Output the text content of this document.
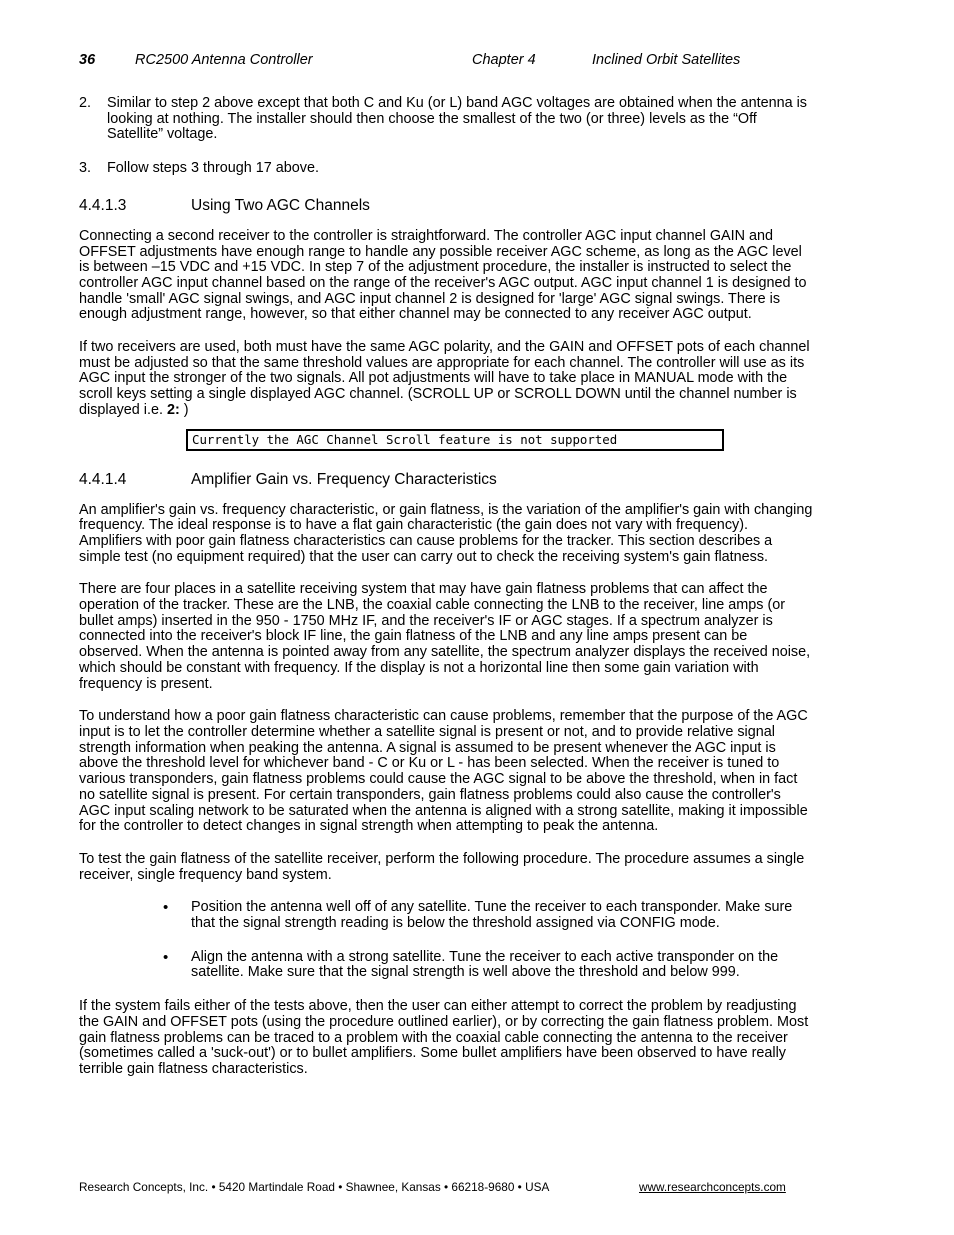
36	RC2500 Antenna Controller	Chapter 4	Inclined Orbit Satellites
2. Similar to step 2 above except that both C and Ku (or L) band AGC voltages are obtained when the antenna is looking at nothing. The installer should then choose the smallest of the two (or three) levels as the “Off Satellite” voltage.
3. Follow steps 3 through 17 above.
4.4.1.3	Using Two AGC Channels

Connecting a second receiver to the controller is straightforward. The controller AGC input channel GAIN and OFFSET adjustments have enough range to handle any possible receiver AGC scheme, as long as the AGC level is between –15 VDC and +15 VDC. In step 7 of the adjustment procedure, the installer is instructed to select the controller AGC input channel based on the range of the receiver's AGC output. AGC input channel 1 is designed to handle 'small' AGC signal swings, and AGC input channel 2 is designed for 'large' AGC signal swings. There is enough adjustment range, however, so that either channel may be connected to any receiver AGC output.

If two receivers are used, both must have the same AGC polarity, and the GAIN and OFFSET pots of each channel must be adjusted so that the same threshold values are appropriate for each channel. The controller will use as its AGC input the stronger of the two signals. All pot adjustments will have to take place in MANUAL mode with the scroll keys setting a single displayed AGC channel. (SCROLL UP or SCROLL DOWN until the channel number is displayed i.e. 2: )

Currently the AGC Channel Scroll feature is not supported
4.4.1.4	Amplifier Gain vs. Frequency Characteristics

An amplifier's gain vs. frequency characteristic, or gain flatness, is the variation of the amplifier's gain with changing frequency. The ideal response is to have a flat gain characteristic (the gain does not vary with frequency). Amplifiers with poor gain flatness characteristics can cause problems for the tracker. This section describes a simple test (no equipment required) that the user can carry out to check the receiving system's gain flatness.

There are four places in a satellite receiving system that may have gain flatness problems that can affect the operation of the tracker. These are the LNB, the coaxial cable connecting the LNB to the receiver, line amps (or bullet amps) inserted in the 950 - 1750 MHz IF, and the receiver's IF or AGC stages. If a spectrum analyzer is connected into the receiver's block IF line, the gain flatness of the LNB and any line amps present can be observed. When the antenna is pointed away from any satellite, the spectrum analyzer displays the received noise, which should be constant with frequency. If the display is not a horizontal line then some gain variation with frequency is present.

To understand how a poor gain flatness characteristic can cause problems, remember that the purpose of the AGC input is to let the controller determine whether a satellite signal is present or not, and to provide relative signal strength information when peaking the antenna. A signal is assumed to be present whenever the AGC input is above the threshold level for whichever band - C or Ku or L - has been selected. When the receiver is tuned to various transponders, gain flatness problems could cause the AGC signal to be above the threshold, when in fact no satellite signal is present. For certain transponders, gain flatness problems could also cause the controller's AGC input scaling network to be saturated when the antenna is aligned with a strong satellite, making it impossible for the controller to detect changes in signal strength when attempting to peak the antenna.

To test the gain flatness of the satellite receiver, perform the following procedure. The procedure assumes a single receiver, single frequency band system.

• Position the antenna well off of any satellite. Tune the receiver to each transponder. Make sure that the signal strength reading is below the threshold assigned via CONFIG mode.
• Align the antenna with a strong satellite. Tune the receiver to each active transponder on the satellite. Make sure that the signal strength is well above the threshold and below 999.

If the system fails either of the tests above, then the user can either attempt to correct the problem by readjusting the GAIN and OFFSET pots (using the procedure outlined earlier), or by correcting the gain flatness problem. Most gain flatness problems can be traced to a problem with the coaxial cable connecting the antenna to the receiver (sometimes called a 'suck-out') or to bullet amplifiers. Some bullet amplifiers have been observed to have really terrible gain flatness characteristics.

Research Concepts, Inc. • 5420 Martindale Road • Shawnee, Kansas • 66218-9680 • USA	www.researchconcepts.com
